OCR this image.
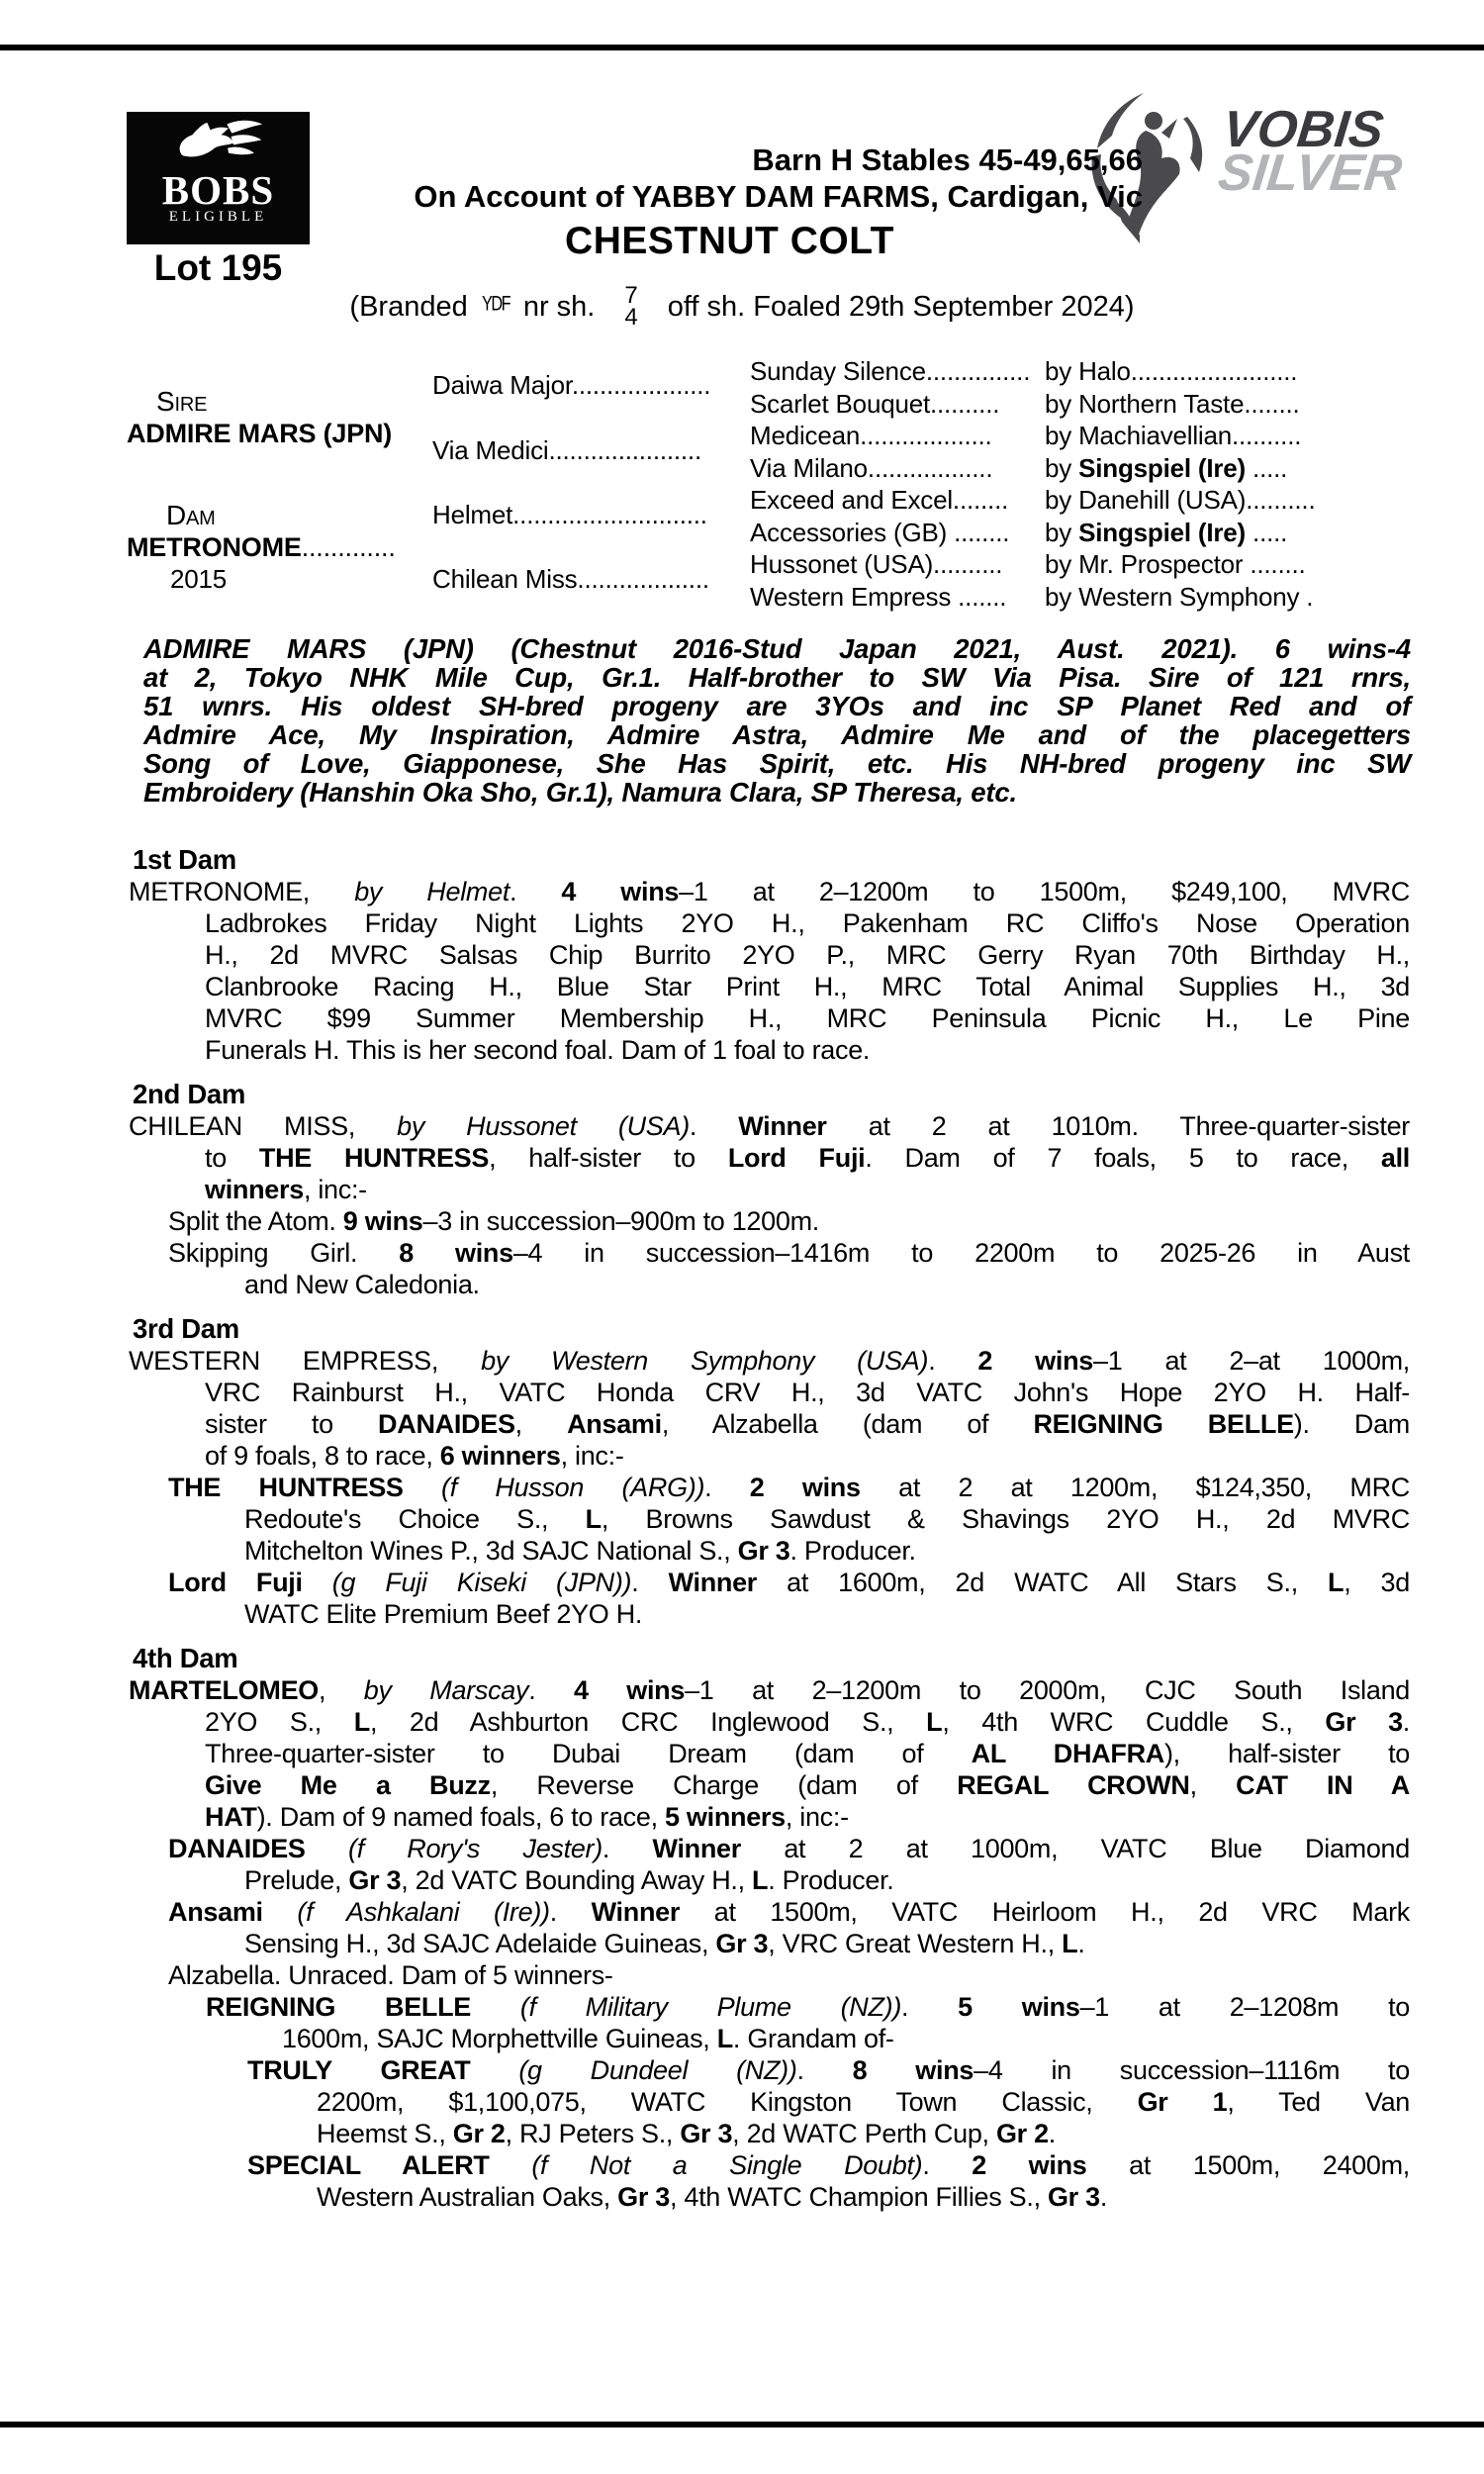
BOBS
ELIGIBLE
Lot 195
VOBIS
SILVER
Barn H Stables 45-49,65,66
On Account of YABBY DAM FARMS, Cardigan, Vic
CHESTNUT COLT
(Branded YDF nr sh. 7
4 off sh. Foaled 29th September 2024)
Sire
ADMIRE MARS (JPN)
Dam
METRONOME.............
2015
Daiwa Major....................
Via Medici......................
Helmet............................
Chilean Miss...................
Sunday Silence...............
Scarlet Bouquet..........
Medicean...................
Via Milano..................
Exceed and Excel........
Accessories (GB) ........
Hussonet (USA)..........
Western Empress .......
by Halo........................
by Northern Taste........
by Machiavellian..........
by Singspiel (Ire) .....
by Danehill (USA)..........
by Singspiel (Ire) .....
by Mr. Prospector ........
by Western Symphony .
ADMIRE MARS (JPN) (Chestnut 2016-Stud Japan 2021, Aust. 2021). 6 wins-4
at 2, Tokyo NHK Mile Cup, Gr.1. Half-brother to SW Via Pisa. Sire of 121 rnrs,
51 wnrs. His oldest SH-bred progeny are 3YOs and inc SP Planet Red and of
Admire Ace, My Inspiration, Admire Astra, Admire Me and of the placegetters
Song of Love, Giapponese, She Has Spirit, etc. His NH-bred progeny inc SW
Embroidery (Hanshin Oka Sho, Gr.1), Namura Clara, SP Theresa, etc.
1st Dam
METRONOME, by Helmet. 4 wins–1 at 2–1200m to 1500m, $249,100, MVRC
Ladbrokes Friday Night Lights 2YO H., Pakenham RC Cliffo's Nose Operation
H., 2d MVRC Salsas Chip Burrito 2YO P., MRC Gerry Ryan 70th Birthday H.,
Clanbrooke Racing H., Blue Star Print H., MRC Total Animal Supplies H., 3d
MVRC $99 Summer Membership H., MRC Peninsula Picnic H., Le Pine
Funerals H. This is her second foal. Dam of 1 foal to race.
2nd Dam
CHILEAN MISS, by Hussonet (USA). Winner at 2 at 1010m. Three-quarter-sister
to THE HUNTRESS, half-sister to Lord Fuji. Dam of 7 foals, 5 to race, all
winners, inc:-
Split the Atom. 9 wins–3 in succession–900m to 1200m.
Skipping Girl. 8 wins–4 in succession–1416m to 2200m to 2025-26 in Aust
and New Caledonia.
3rd Dam
WESTERN EMPRESS, by Western Symphony (USA). 2 wins–1 at 2–at 1000m,
VRC Rainburst H., VATC Honda CRV H., 3d VATC John's Hope 2YO H. Half-
sister to DANAIDES, Ansami, Alzabella (dam of REIGNING BELLE). Dam
of 9 foals, 8 to race, 6 winners, inc:-
THE HUNTRESS (f Husson (ARG)). 2 wins at 2 at 1200m, $124,350, MRC
Redoute's Choice S., L, Browns Sawdust & Shavings 2YO H., 2d MVRC
Mitchelton Wines P., 3d SAJC National S., Gr 3. Producer.
Lord Fuji (g Fuji Kiseki (JPN)). Winner at 1600m, 2d WATC All Stars S., L, 3d
WATC Elite Premium Beef 2YO H.
4th Dam
MARTELOMEO, by Marscay. 4 wins–1 at 2–1200m to 2000m, CJC South Island
2YO S., L, 2d Ashburton CRC Inglewood S., L, 4th WRC Cuddle S., Gr 3.
Three-quarter-sister to Dubai Dream (dam of AL DHAFRA), half-sister to
Give Me a Buzz, Reverse Charge (dam of REGAL CROWN, CAT IN A
HAT). Dam of 9 named foals, 6 to race, 5 winners, inc:-
DANAIDES (f Rory's Jester). Winner at 2 at 1000m, VATC Blue Diamond
Prelude, Gr 3, 2d VATC Bounding Away H., L. Producer.
Ansami (f Ashkalani (Ire)). Winner at 1500m, VATC Heirloom H., 2d VRC Mark
Sensing H., 3d SAJC Adelaide Guineas, Gr 3, VRC Great Western H., L.
Alzabella. Unraced. Dam of 5 winners-
REIGNING BELLE (f Military Plume (NZ)). 5 wins–1 at 2–1208m to
1600m, SAJC Morphettville Guineas, L. Grandam of-
TRULY GREAT (g Dundeel (NZ)). 8 wins–4 in succession–1116m to
2200m, $1,100,075, WATC Kingston Town Classic, Gr 1, Ted Van
Heemst S., Gr 2, RJ Peters S., Gr 3, 2d WATC Perth Cup, Gr 2.
SPECIAL ALERT (f Not a Single Doubt). 2 wins at 1500m, 2400m,
Western Australian Oaks, Gr 3, 4th WATC Champion Fillies S., Gr 3.
